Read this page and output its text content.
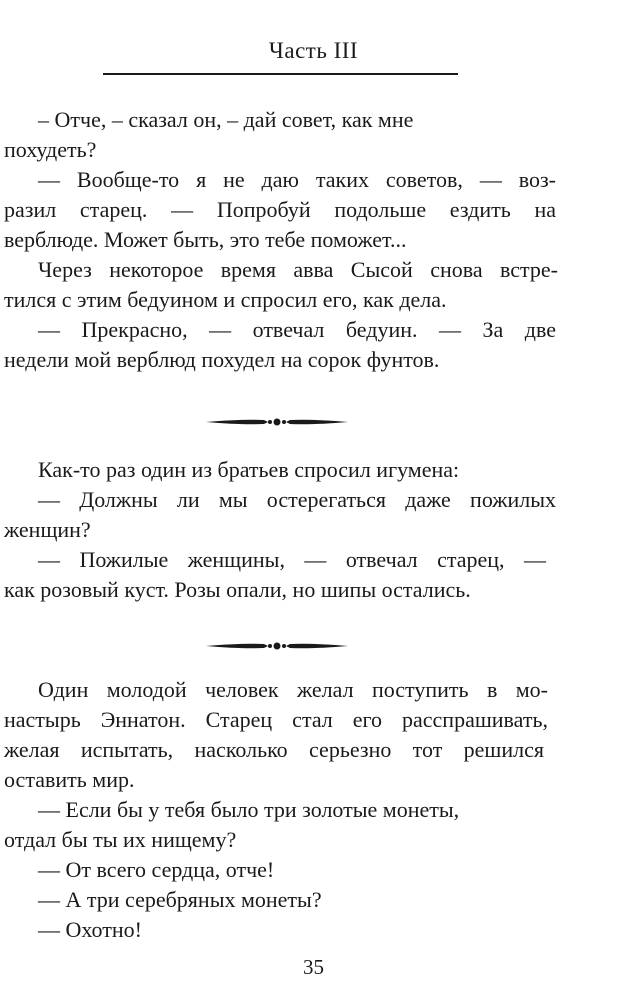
Часть III
– Отче, – сказал он, – дай совет, как мне
похудеть?
— Вообще-то я не даю таких советов, — воз-
разил старец. — Попробуй подольше ездить на
верблюде. Может быть, это тебе поможет...
Через некоторое время авва Сысой снова встре-
тился с этим бедуином и спросил его, как дела.
— Прекрасно, — отвечал бедуин. — За две
недели мой верблюд похудел на сорок фунтов.
Как-то раз один из братьев спросил игумена:
— Должны ли мы остерегаться даже пожилых
женщин?
— Пожилые женщины, — отвечал старец, —
как розовый куст. Розы опали, но шипы остались.
Один молодой человек желал поступить в мо-
настырь Эннатон. Старец стал его расспрашивать,
желая испытать, насколько серьезно тот решился
оставить мир.
— Если бы у тебя было три золотые монеты,
отдал бы ты их нищему?
— От всего сердца, отче!
— А три серебряных монеты?
— Охотно!
35
